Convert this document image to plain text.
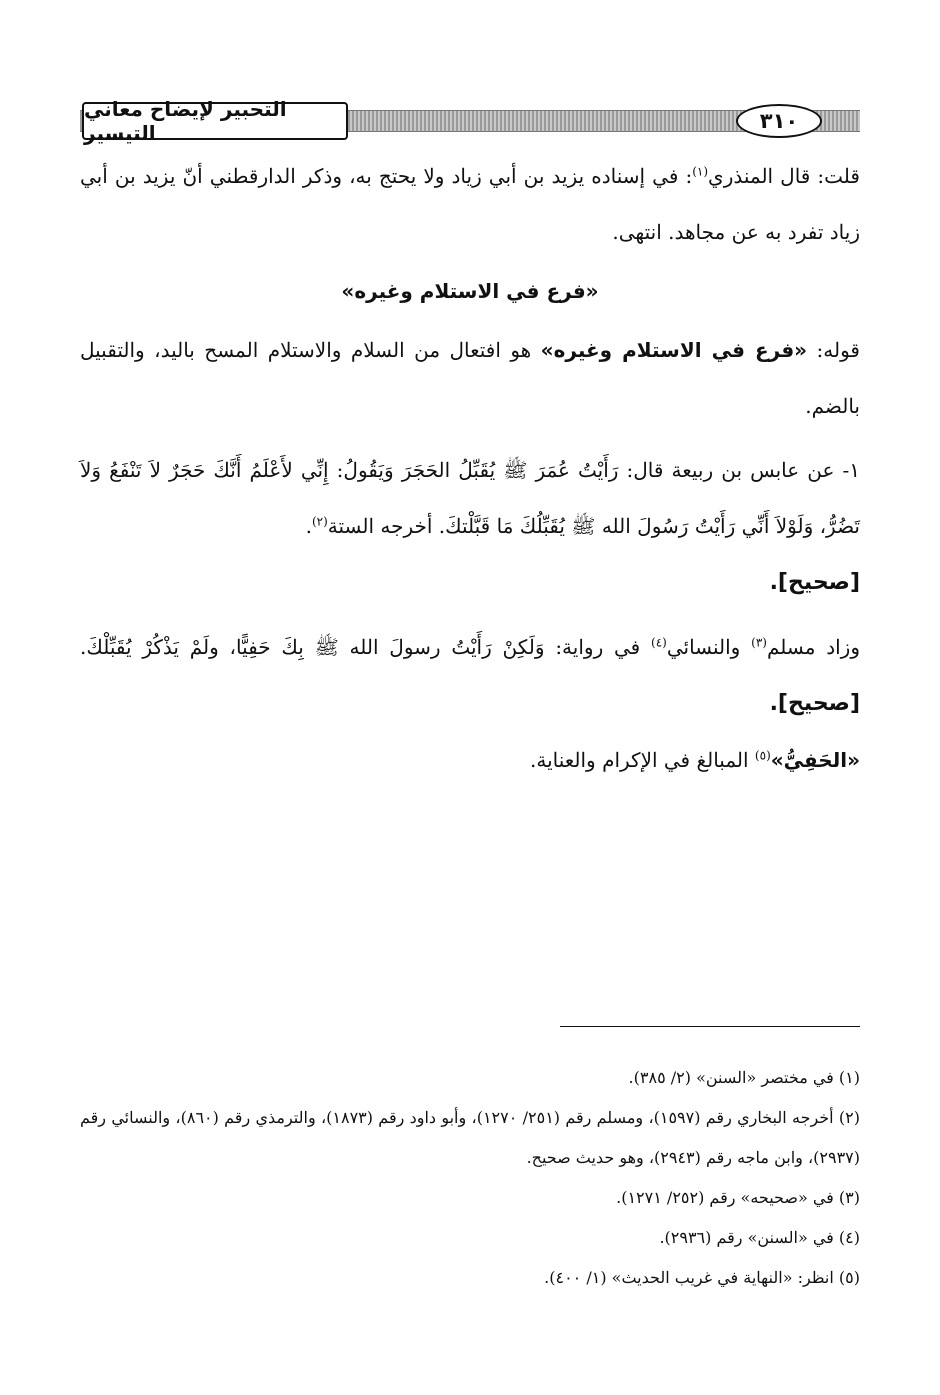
التحبير لإيضاح معاني التيسير	٣١٠

قلت: قال المنذري$^{(١)}$: في إسناده يزيد بن أبي زياد ولا يحتج به، وذكر الدارقطني أنّ يزيد بن أبي زياد تفرد به عن مجاهد. انتهى.

«فرع في الاستلام وغيره»

قوله: «فرع في الاستلام وغيره» هو افتعال من السلام والاستلام المسح باليد، والتقبيل بالضم.

١- عن عابس بن ربيعة قال: رَأَيْتُ عُمَرَ ﷺ يُقَبِّلُ الحَجَرَ وَيَقُولُ: إِنِّي لأَعْلَمُ أَنَّكَ حَجَرٌ لاَ تَنْفَعُ وَلاَ تَضُرُّ، وَلَوْلاَ أَنِّي رَأَيْتُ رَسُولَ الله ﷺ يُقَبِّلُكَ مَا قَبَّلْتكَ. أخرجه الستة$^{(٢)}$.
[صحيح].

وزاد مسلم$^{(٣)}$ والنسائي$^{(٤)}$ في رواية: وَلَكِنْ رَأَيْتُ رسولَ الله ﷺ بِكَ حَفِيًّا، ولَمْ يَذْكُرْ يُقَبِّلْكَ. [صحيح].

«الحَفِيُّ»$^{(٥)}$ المبالغ في الإكرام والعناية.

(١) في مختصر «السنن» (٢/ ٣٨٥).

(٢) أخرجه البخاري رقم (١٥٩٧)، ومسلم رقم (٢٥١/ ١٢٧٠)، وأبو داود رقم (١٨٧٣)، والترمذي رقم (٨٦٠)، والنسائي رقم (٢٩٣٧)، وابن ماجه رقم (٢٩٤٣)، وهو حديث صحيح.

(٣) في «صحيحه» رقم (٢٥٢/ ١٢٧١).

(٤) في «السنن» رقم (٢٩٣٦).

(٥) انظر: «النهاية في غريب الحديث» (١/ ٤٠٠).
